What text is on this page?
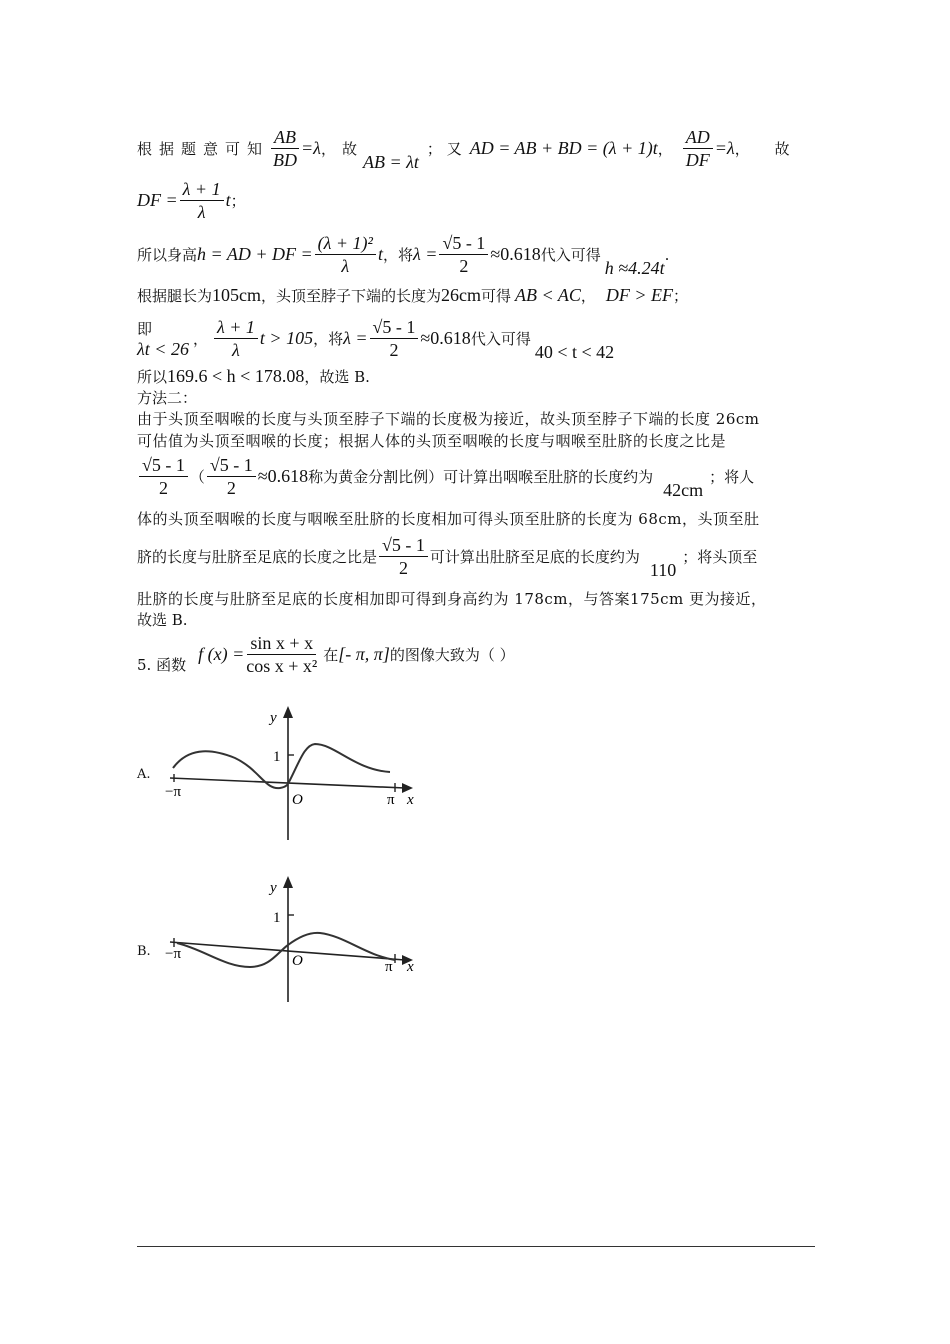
根据题意可知 $\frac{AB}{BD} =\lambda$ ，故
AB = λt
； 又 AD = AB + BD = (λ + 1)t ， $\frac{AD}{DF} =\lambda$ ， 故
DF = $\frac{\lambda + 1}{\lambda}$ t ；
所以身高 h = AD + DF = $\frac{\text{(λ + 1)²}}{\lambda}$ t ，将 $\lambda = \frac{√5 - 1}{2} \approx 0.618$ 代入可得
h ≈4.24t
.
根据腿长为 105cm ，头顶至脖子下端的长度为 26cm 可得 AB < AC ， DF > EF ；
即
λt < 26 ， $\frac{\lambda + 1}{\lambda}$ t > 105 ，将 $\lambda = \frac{√5 - 1}{2} \approx 0.618$ 代入可得
40 < t < 42
所以 169.6 < h < 178.08 ，故选 B.
方法二：
由于头顶至咽喉的长度与头顶至脖子下端的长度极为接近，故头顶至脖子下端的长度 26cm
可估值为头顶至咽喉的长度；根据人体的头顶至咽喉的长度与咽喉至肚脐的长度之比是
$\frac{√5 - 1}{2}$ （ $\frac{√5 - 1}{2} \approx 0.618$ 称为黄金分割比例）可计算出咽喉至肚脐的长度约为
42cm
；将人
体的头顶至咽喉的长度与咽喉至肚脐的长度相加可得头顶至肚脐的长度为 68cm，头顶至肚
脐的长度与肚脐至足底的长度之比是 $\frac{√5 - 1}{2}$ 可计算出肚脐至足底的长度约为
110
；将头顶至
肚脐的长度与肚脐至足底的长度相加即可得到身高约为 178cm，与答案175cm 更为接近，
故选 B.
5. 函数
f $(x) = \frac{\text{sin x + x}}{\text{cos x + x²}}$ 在 [- π, π] 的图像大致为（ ）
A.
y
1
−π	O	π x
B.
y
1
−π	O	π x
